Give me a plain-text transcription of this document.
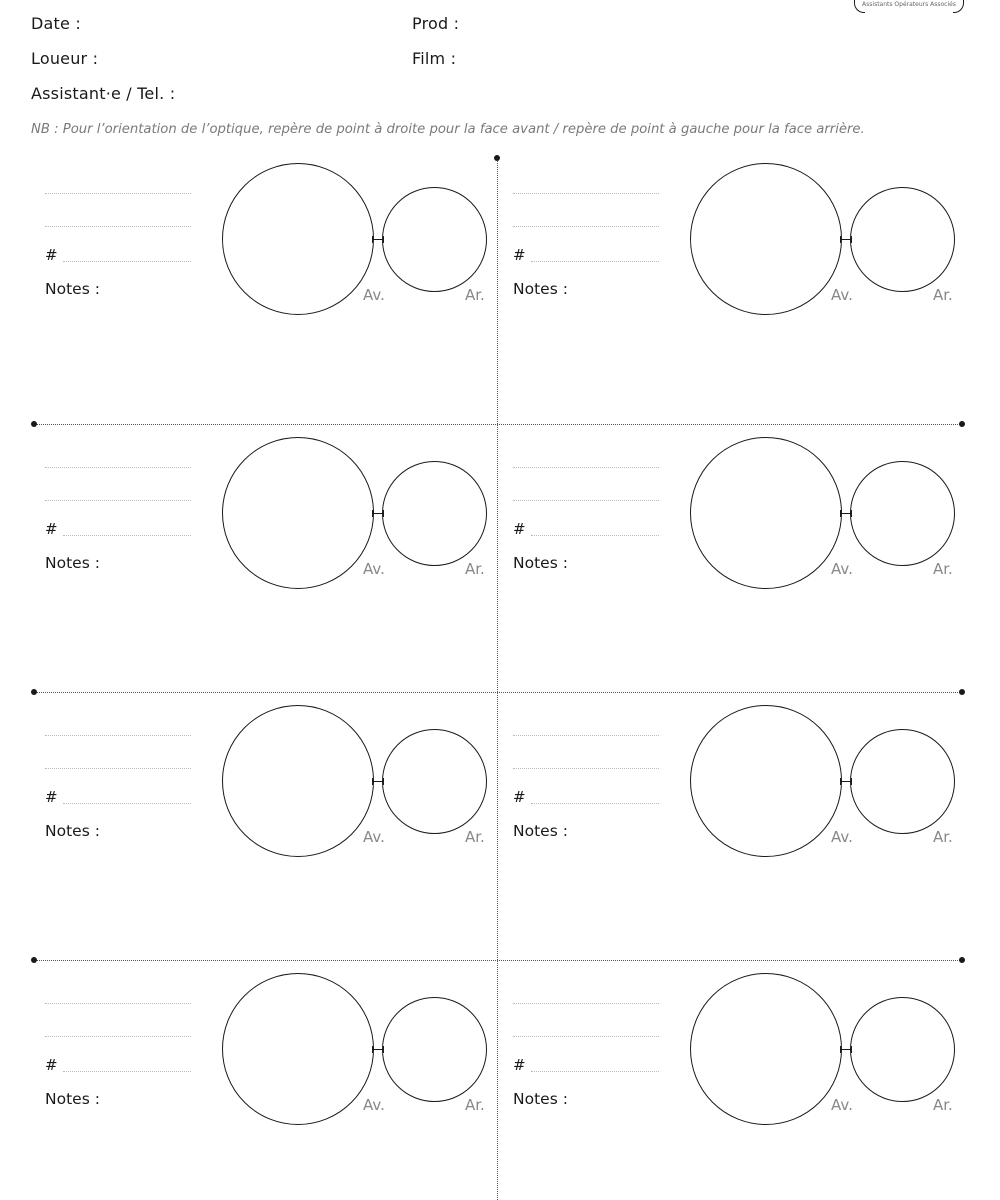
Date :	Prod :
Loueur :	Film :
Assistant·e / Tel. :
NB : Pour l’orientation de l’optique, repère de point à droite pour la face avant / repère de point à gauche pour la face arrière.
Assistants Opérateurs Associés
#
Notes :	Av.	Ar.
#
Notes :	Av.	Ar.
#
Notes :	Av.	Ar.
#
Notes :	Av.	Ar.
#
Notes :	Av.	Ar.
#
Notes :	Av.	Ar.
#
Notes :	Av.	Ar.
#
Notes :	Av.	Ar.
